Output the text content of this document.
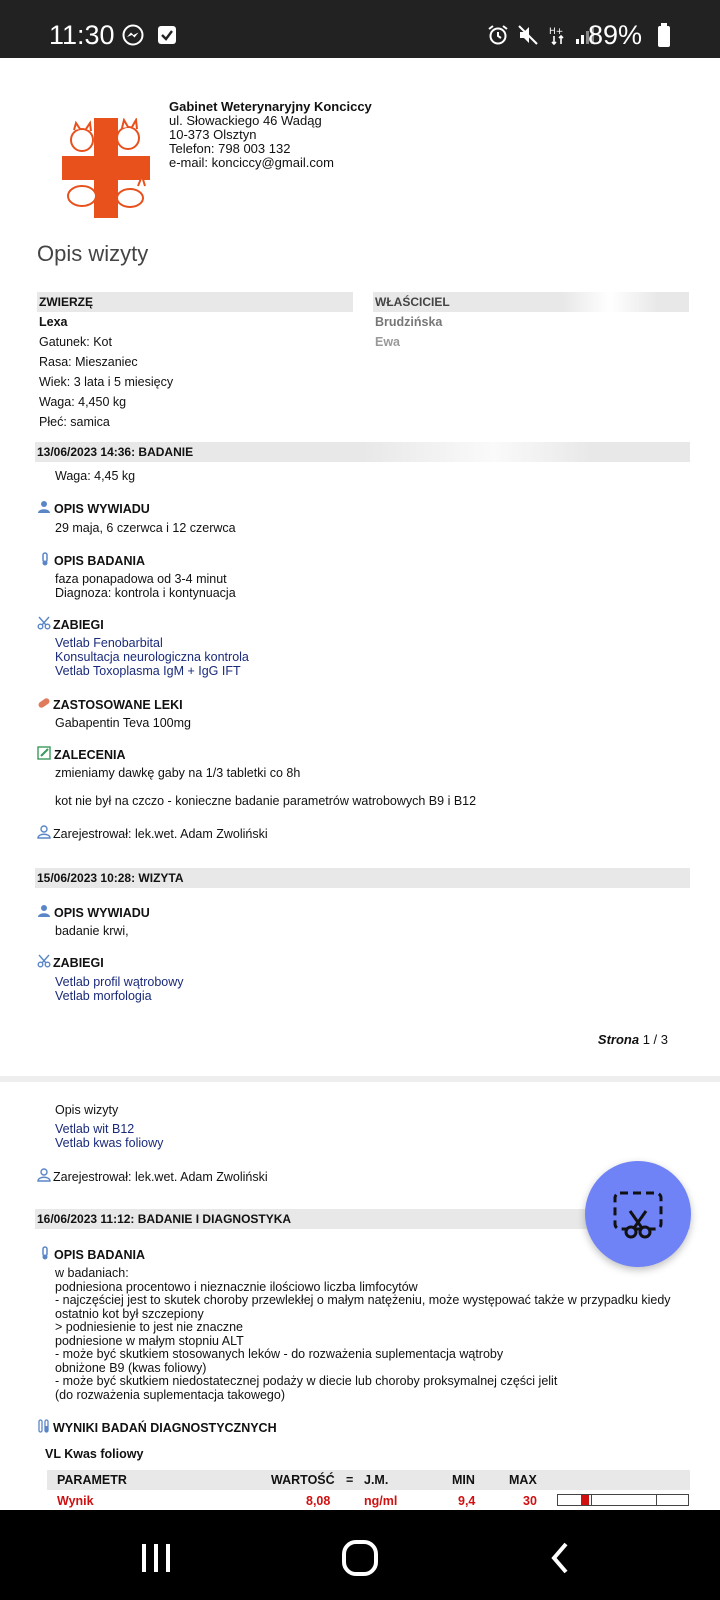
11:30	H+ 89%
Gabinet Weterynaryjny Konciccy
ul. Słowackiego 46 Wadąg
10-373 Olsztyn
Telefon: 798 003 132
e-mail: konciccy@gmail.com
Opis wizyty
ZWIERZĘ	WŁAŚCICIEL
Lexa
Gatunek: Kot
Rasa: Mieszaniec
Wiek: 3 lata i 5 miesięcy
Waga: 4,450 kg
Płeć: samica
Brudzińska
Ewa
13/06/2023 14:36: BADANIE
Waga: 4,45 kg
OPIS WYWIADU
29 maja, 6 czerwca i 12 czerwca
OPIS BADANIA
faza ponapadowa od 3-4 minut
Diagnoza: kontrola i kontynuacja
ZABIEGI
Vetlab Fenobarbital
Konsultacja neurologiczna kontrola
Vetlab Toxoplasma IgM + IgG IFT
ZASTOSOWANE LEKI
Gabapentin Teva 100mg
ZALECENIA
zmieniamy dawkę gaby na 1/3 tabletki co 8h
kot nie był na czczo - konieczne badanie parametrów watrobowych B9 i B12
Zarejestrował: lek.wet. Adam Zwoliński
15/06/2023 10:28: WIZYTA
OPIS WYWIADU
badanie krwi,
ZABIEGI
Vetlab profil wątrobowy
Vetlab morfologia
Strona 1 / 3
Opis wizyty
Vetlab wit B12
Vetlab kwas foliowy
Zarejestrował: lek.wet. Adam Zwoliński
16/06/2023 11:12: BADANIE I DIAGNOSTYKA
OPIS BADANIA
w badaniach:
podniesiona procentowo i nieznacznie ilościowo liczba limfocytów
- najczęściej jest to skutek choroby przewlekłej o małym natężeniu, może występować także w przypadku kiedy
ostatnio kot był szczepiony
> podniesienie to jest nie znaczne
podniesione w małym stopniu ALT
- może być skutkiem stosowanych leków - do rozważenia suplementacja wątroby
obniżone B9 (kwas foliowy)
- może być skutkiem niedostatecznej podaży w diecie lub choroby proksymalnej części jelit
(do rozważenia suplementacja takowego)
WYNIKI BADAŃ DIAGNOSTYCZNYCH
VL Kwas foliowy
PARAMETR	WARTOŚĆ = J.M.	MIN	MAX
Wynik	8,08	ng/ml	9,4	30
